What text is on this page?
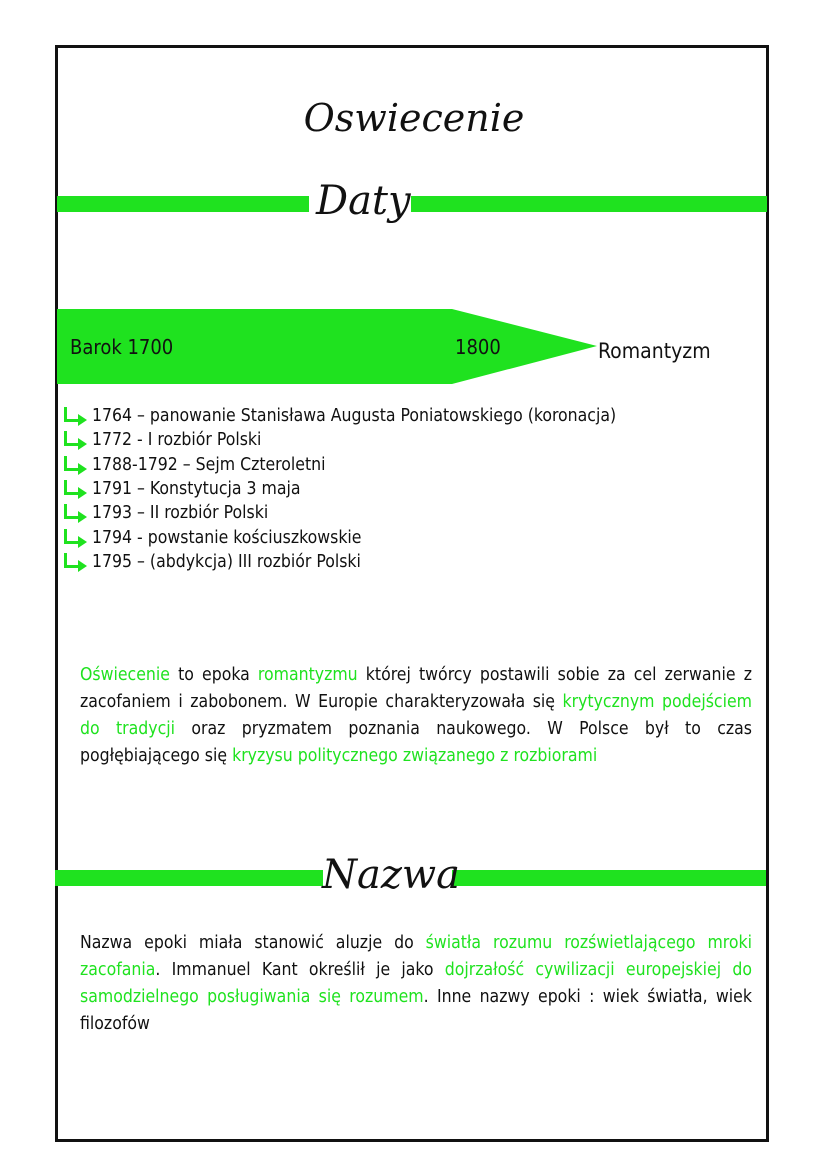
Oswiecenie
Daty
Barok 1700	1800	Romantyzm
1764 – panowanie Stanisława Augusta Poniatowskiego (koronacja)
1772 - I rozbiór Polski
1788-1792 – Sejm Czteroletni
1791 – Konstytucja 3 maja
1793 – II rozbiór Polski
1794 - powstanie kościuszkowskie
1795 – (abdykcja) III rozbiór Polski

Oświecenie to epoka romantyzmu której twórcy postawili sobie za cel zerwanie z zacofaniem i zabobonem. W Europie charakteryzowała się krytycznym podejściem do tradycji oraz pryzmatem poznania naukowego. W Polsce był to czas pogłębiającego się kryzysu politycznego związanego z rozbiorami

Nazwa

Nazwa epoki miała stanowić aluzje do światła rozumu rozświetlającego mroki zacofania. Immanuel Kant określił je jako dojrzałość cywilizacji europejskiej do samodzielnego posługiwania się rozumem. Inne nazwy epoki : wiek światła, wiek filozofów
